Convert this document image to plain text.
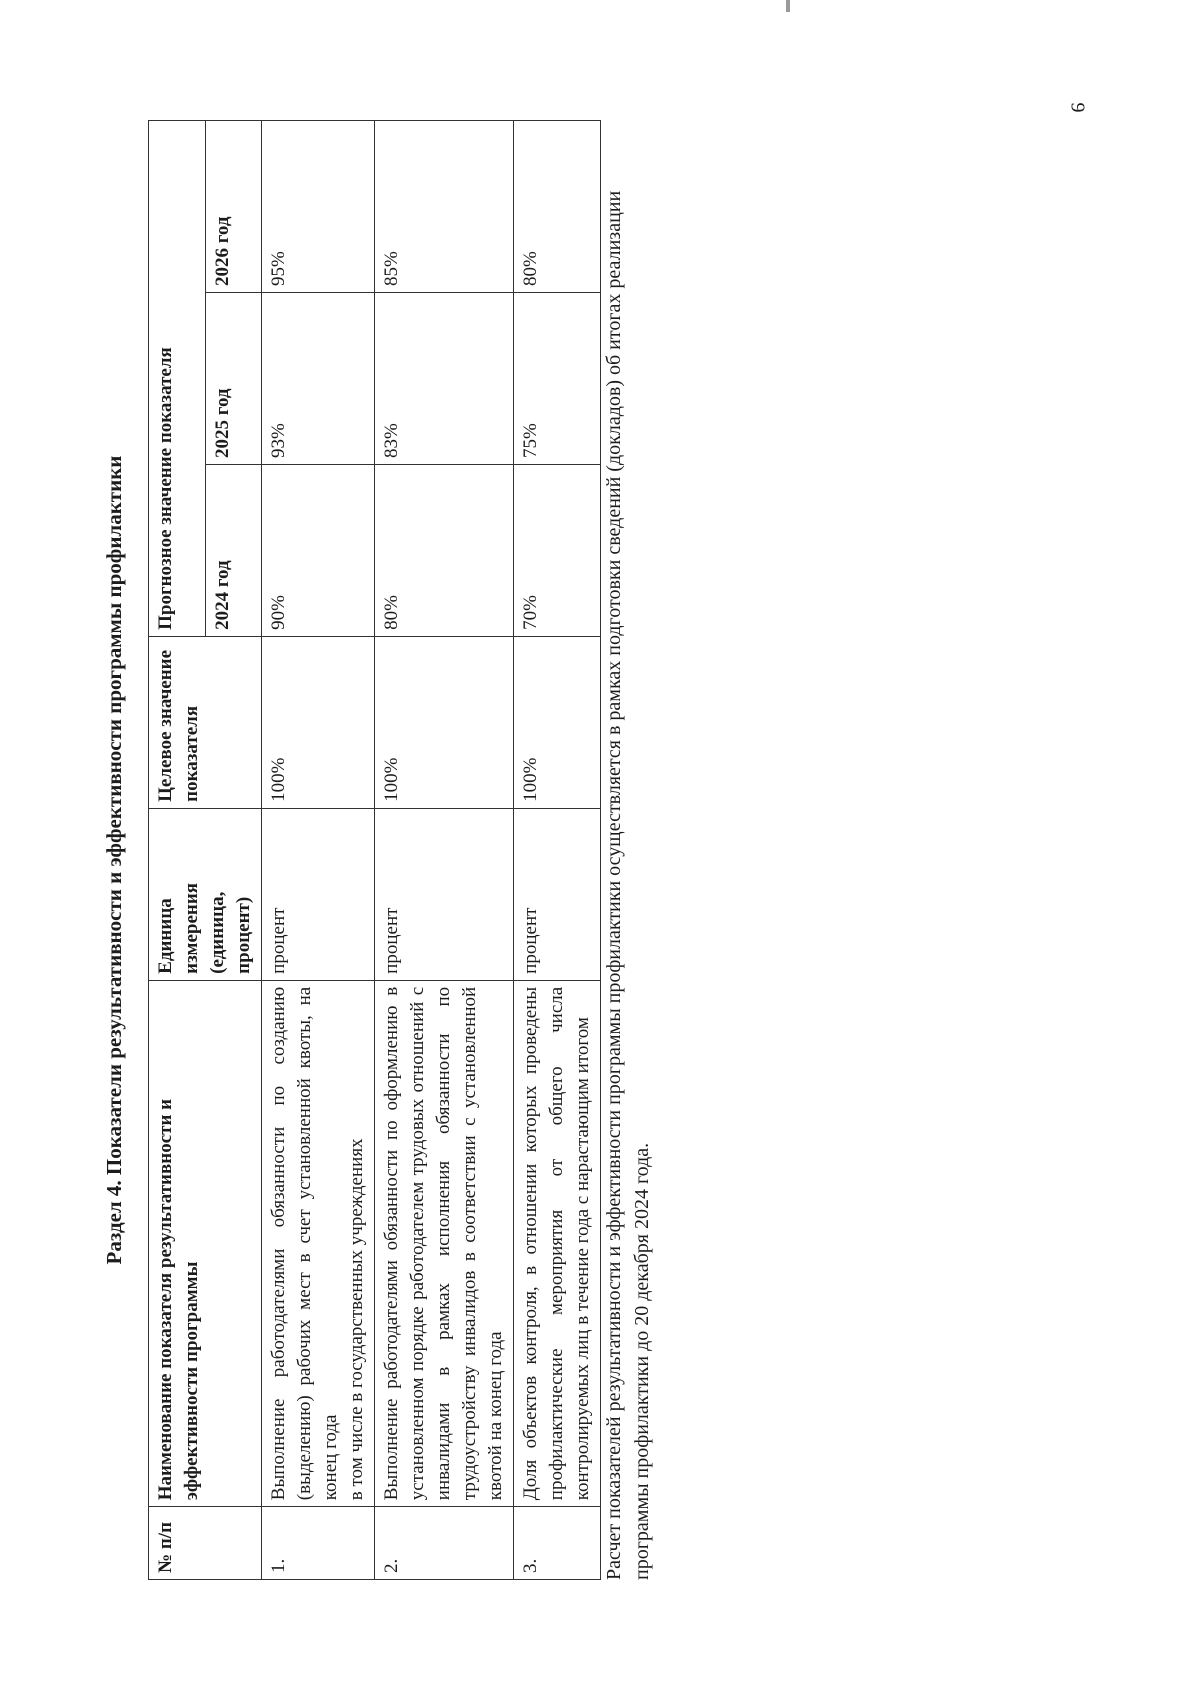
9
Раздел 4. Показатели результативности и эффективности программы профилактики
№ п/п	Наименование показателя результативности и эффективности программы	Единица измерения (единица, процент)	Целевое значение показателя	Прогнозное значение показателя		
				2024 год	2025 год	2026 год
1.	Выполнение работодателями обязанности по созданию (выделению) рабочих мест в счет установленной квоты, на конец года в том числе в государственных учреждениях	процент	100%	90%	93%	95%
2.	Выполнение работодателями обязанности по оформлению в установленном порядке работодателем трудовых отношений с инвалидами в рамках исполнения обязанности по трудоустройству инвалидов в соответствии с установленной квотой на конец года	процент	100%	80%	83%	85%
3.	Доля объектов контроля, в отношении которых проведены профилактические мероприятия от общего числа контролируемых лиц в течение года с нарастающим итогом	процент	100%	70%	75%	80%	Расчет показателей результативности и эффективности программы профилактики осуществляется в рамках подготовки сведений (докладов) об итогах реализации программы профилактики до 20 декабря 2024 года.
